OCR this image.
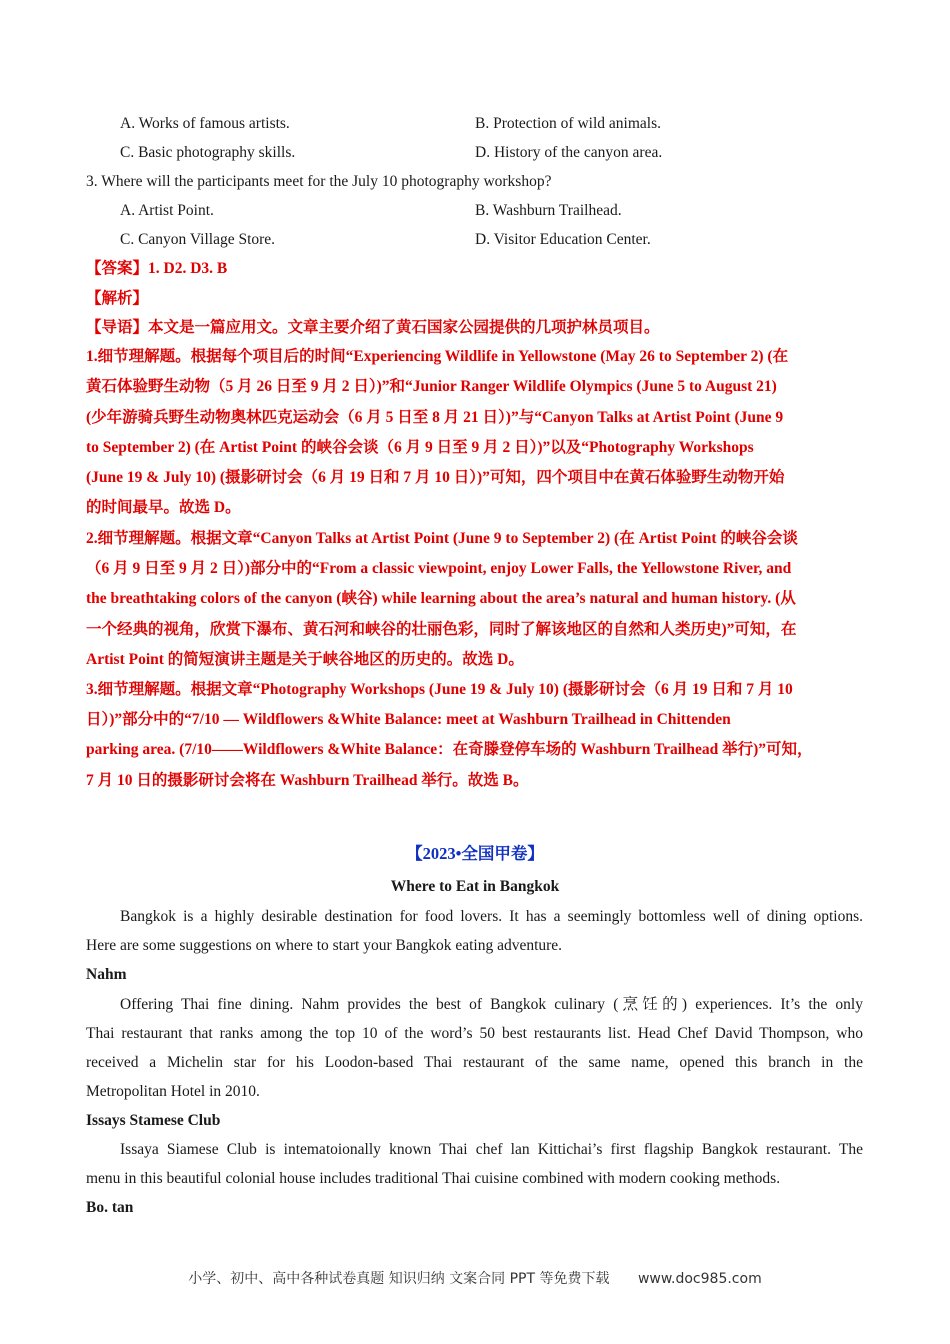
A. Works of famous artists.	B. Protection of wild animals.
C. Basic photography skills.	D. History of the canyon area.
3. Where will the participants meet for the July 10 photography workshop?
A. Artist Point.	B. Washburn Trailhead.
C. Canyon Village Store.	D. Visitor Education Center.
【答案】1. D2. D3. B
【解析】
【导语】本文是一篇应用文。文章主要介绍了黄石国家公园提供的几项护林员项目。
1.细节理解题。根据每个项目后的时间“Experiencing Wildlife in Yellowstone (May 26 to September 2) (在
黄石体验野生动物（5 月 26 日至 9 月 2 日）)”和“Junior Ranger Wildlife Olympics (June 5 to August 21)
(少年游骑兵野生动物奥林匹克运动会（6 月 5 日至 8 月 21 日）)”与“Canyon Talks at Artist Point (June 9
to September 2) (在 Artist Point 的峡谷会谈（6 月 9 日至 9 月 2 日）)”以及“Photography Workshops
(June 19 & July 10) (摄影研讨会（6 月 19 日和 7 月 10 日）)”可知，四个项目中在黄石体验野生动物开始
的时间最早。故选 D。
2.细节理解题。根据文章“Canyon Talks at Artist Point (June 9 to September 2) (在 Artist Point 的峡谷会谈
（6 月 9 日至 9 月 2 日）)部分中的“From a classic viewpoint, enjoy Lower Falls, the Yellowstone River, and
the breathtaking colors of the canyon (峡谷) while learning about the area’s natural and human history. (从
一个经典的视角，欣赏下瀑布、黄石河和峡谷的壮丽色彩，同时了解该地区的自然和人类历史)”可知，在
Artist Point 的简短演讲主题是关于峡谷地区的历史的。故选 D。
3.细节理解题。根据文章“Photography Workshops (June 19 & July 10) (摄影研讨会（6 月 19 日和 7 月 10
日）)”部分中的“7/10 — Wildflowers &White Balance: meet at Washburn Trailhead in Chittenden
parking area. (7/10——Wildflowers &White Balance：在奇滕登停车场的 Washburn Trailhead 举行)”可知，
7 月 10 日的摄影研讨会将在 Washburn Trailhead 举行。故选 B。
【2023•全国甲卷】
Where to Eat in Bangkok
Bangkok is a highly desirable destination for food lovers. It has a seemingly bottomless well of dining options.
Here are some suggestions on where to start your Bangkok eating adventure.
Nahm
Offering Thai fine dining. Nahm provides the best of Bangkok culinary (烹饪的) experiences. It’s the only
Thai restaurant that ranks among the top 10 of the word’s 50 best restaurants list. Head Chef David Thompson, who
received a Michelin star for his Loodon-based Thai restaurant of the same name, opened this branch in the
Metropolitan Hotel in 2010.
Issays Stamese Club
Issaya Siamese Club is intematoionally known Thai chef lan Kittichai’s first flagship Bangkok restaurant. The
menu in this beautiful colonial house includes traditional Thai cuisine combined with modern cooking methods.
Bo. tan
小学、初中、高中各种试卷真题 知识归纳 文案合同 PPT 等免费下载 www.doc985.com
